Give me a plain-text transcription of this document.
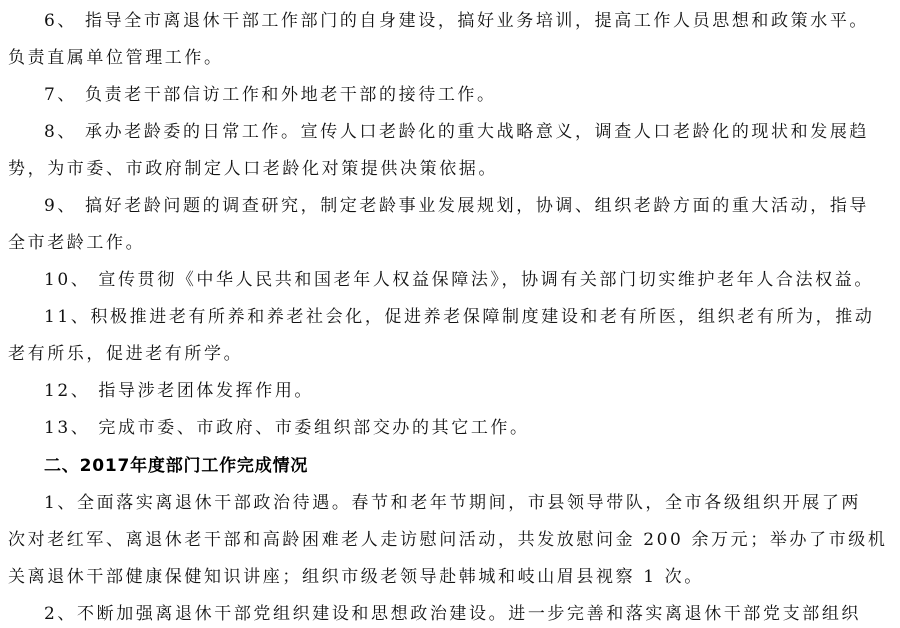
6、 指导全市离退休干部工作部门的自身建设，搞好业务培训，提高工作人员思想和政策水平。
负责直属单位管理工作。
7、 负责老干部信访工作和外地老干部的接待工作。
8、 承办老龄委的日常工作。宣传人口老龄化的重大战略意义，调查人口老龄化的现状和发展趋
势，为市委、市政府制定人口老龄化对策提供决策依据。
9、 搞好老龄问题的调查研究，制定老龄事业发展规划，协调、组织老龄方面的重大活动，指导
全市老龄工作。
10、 宣传贯彻《中华人民共和国老年人权益保障法》，协调有关部门切实维护老年人合法权益。
11、积极推进老有所养和养老社会化，促进养老保障制度建设和老有所医，组织老有所为，推动
老有所乐，促进老有所学。
12、 指导涉老团体发挥作用。
13、 完成市委、市政府、市委组织部交办的其它工作。
二、2017年度部门工作完成情况
1、全面落实离退休干部政治待遇。春节和老年节期间，市县领导带队，全市各级组织开展了两
次对老红军、离退休老干部和高龄困难老人走访慰问活动，共发放慰问金 200 余万元；举办了市级机
关离退休干部健康保健知识讲座；组织市级老领导赴韩城和岐山眉县视察 1 次。
2、不断加强离退休干部党组织建设和思想政治建设。进一步完善和落实离退休干部党支部组织
